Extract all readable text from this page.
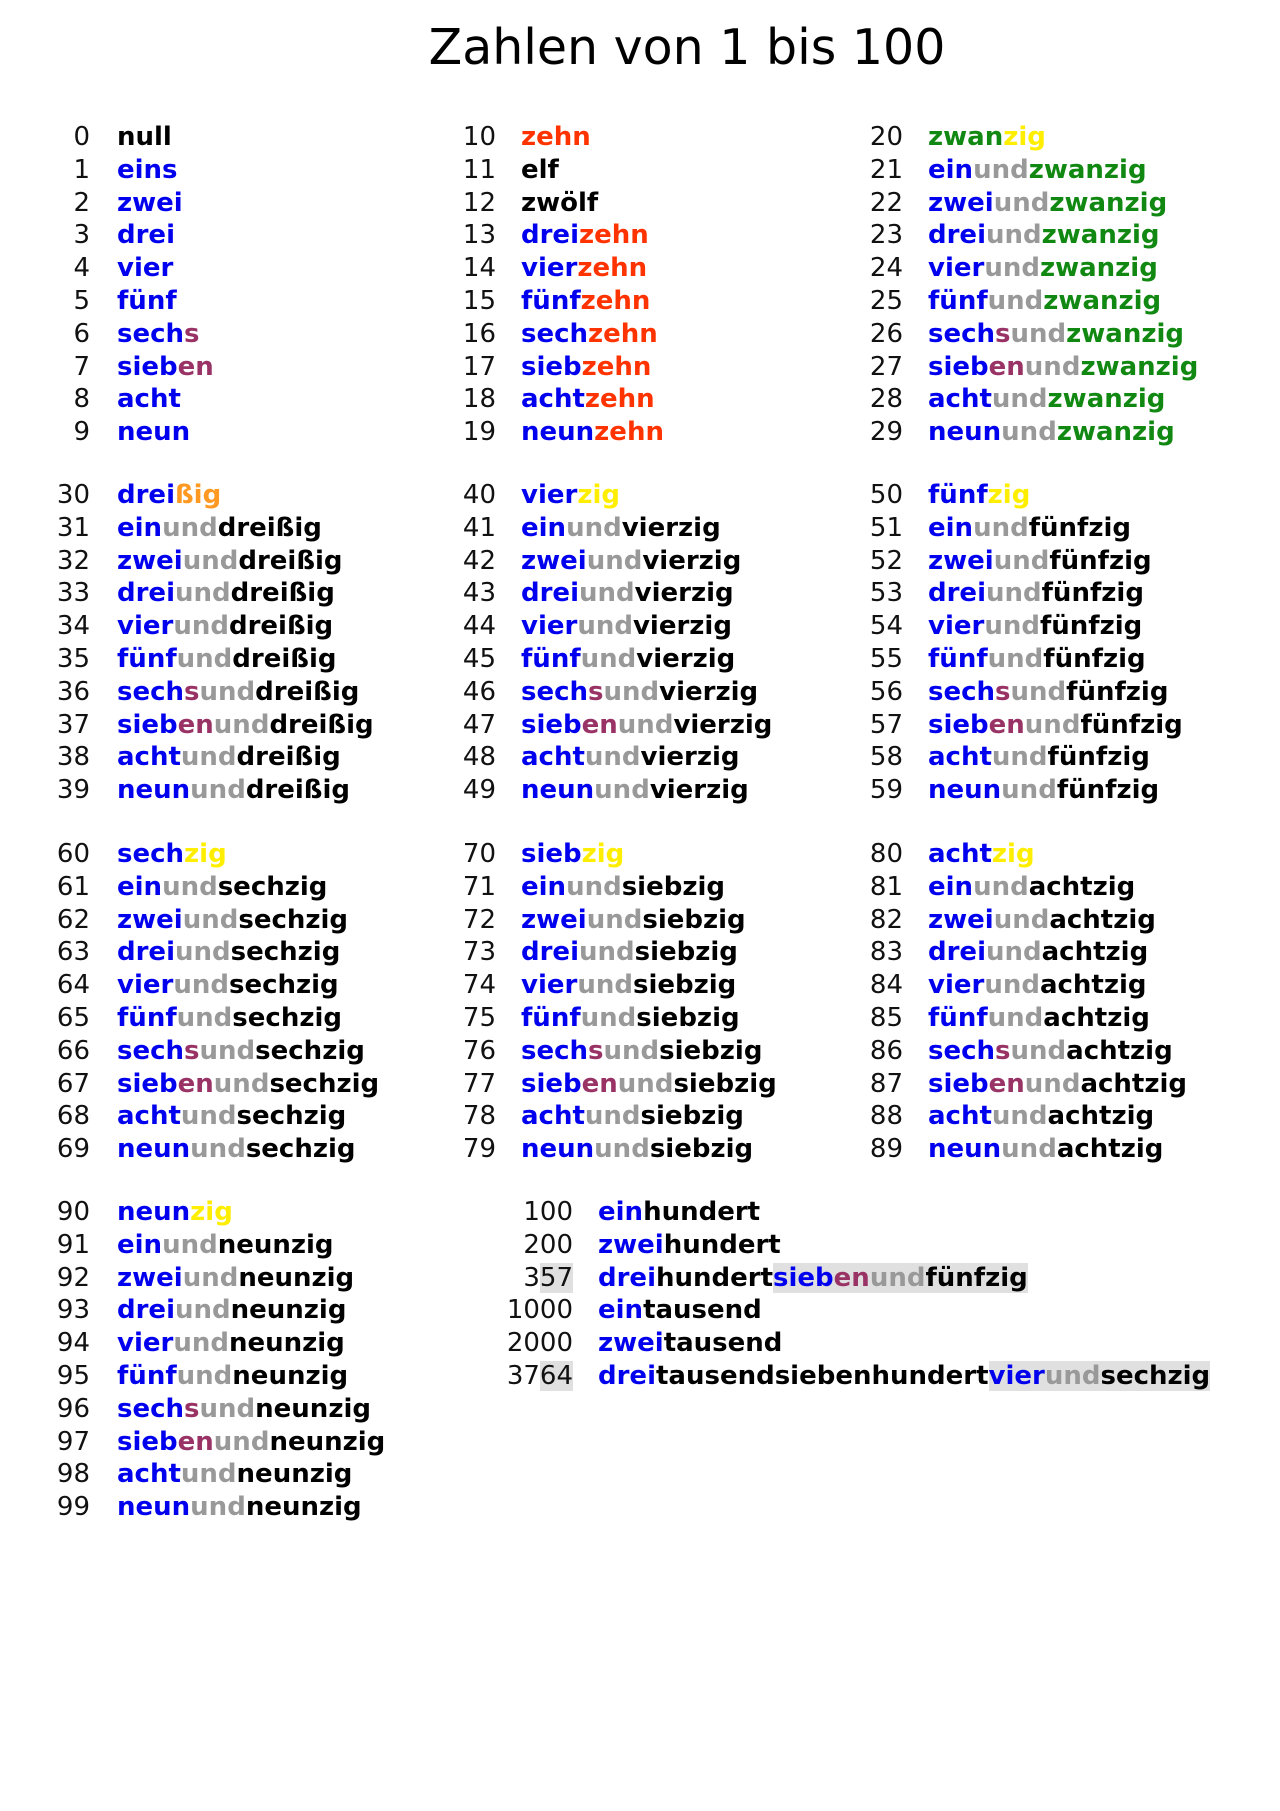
Zahlen von 1 bis 100
0 null
1 eins
2 zwei
3 drei
4 vier
5 fünf
6 sechs
7 sieben
8 acht
9 neun
10 zehn
11 elf
12 zwölf
13 dreizehn
14 vierzehn
15 fünfzehn
16 sechzehn
17 siebzehn
18 achtzehn
19 neunzehn
20 zwanzig
21 einundzwanzig
22 zweiundzwanzig
23 dreiundzwanzig
24 vierundzwanzig
25 fünfundzwanzig
26 sechsundzwanzig
27 siebenundzwanzig
28 achtundzwanzig
29 neunundzwanzig
30 dreißig
31 einunddreißig
32 zweiunddreißig
33 dreiunddreißig
34 vierunddreißig
35 fünfunddreißig
36 sechsunddreißig
37 siebenunddreißig
38 achtunddreißig
39 neununddreißig
40 vierzig
41 einundvierzig
42 zweiundvierzig
43 dreiundvierzig
44 vierundvierzig
45 fünfundvierzig
46 sechsundvierzig
47 siebenundvierzig
48 achtundvierzig
49 neunundvierzig
50 fünfzig
51 einundfünfzig
52 zweiundfünfzig
53 dreiundfünfzig
54 vierundfünfzig
55 fünfundfünfzig
56 sechsundfünfzig
57 siebenundfünfzig
58 achtundfünfzig
59 neunundfünfzig
60 sechzig
61 einundsechzig
62 zweiundsechzig
63 dreiundsechzig
64 vierundsechzig
65 fünfundsechzig
66 sechsundsechzig
67 siebenundsechzig
68 achtundsechzig
69 neunundsechzig
70 siebzig
71 einundsiebzig
72 zweiundsiebzig
73 dreiundsiebzig
74 vierundsiebzig
75 fünfundsiebzig
76 sechsundsiebzig
77 siebenundsiebzig
78 achtundsiebzig
79 neunundsiebzig
80 achtzig
81 einundachtzig
82 zweiundachtzig
83 dreiundachtzig
84 vierundachtzig
85 fünfundachtzig
86 sechsundachtzig
87 siebenundachtzig
88 achtundachtzig
89 neunundachtzig
90 neunzig
91 einundneunzig
92 zweiundneunzig
93 dreiundneunzig
94 vierundneunzig
95 fünfundneunzig
96 sechsundneunzig
97 siebenundneunzig
98 achtundneunzig
99 neunundneunzig
100 einhundert
200 zweihundert
357 dreihundertsiebenundfünfzig
1000 eintausend
2000 zweitausend
3764 dreitausendsiebenhundertvierundsechzig
